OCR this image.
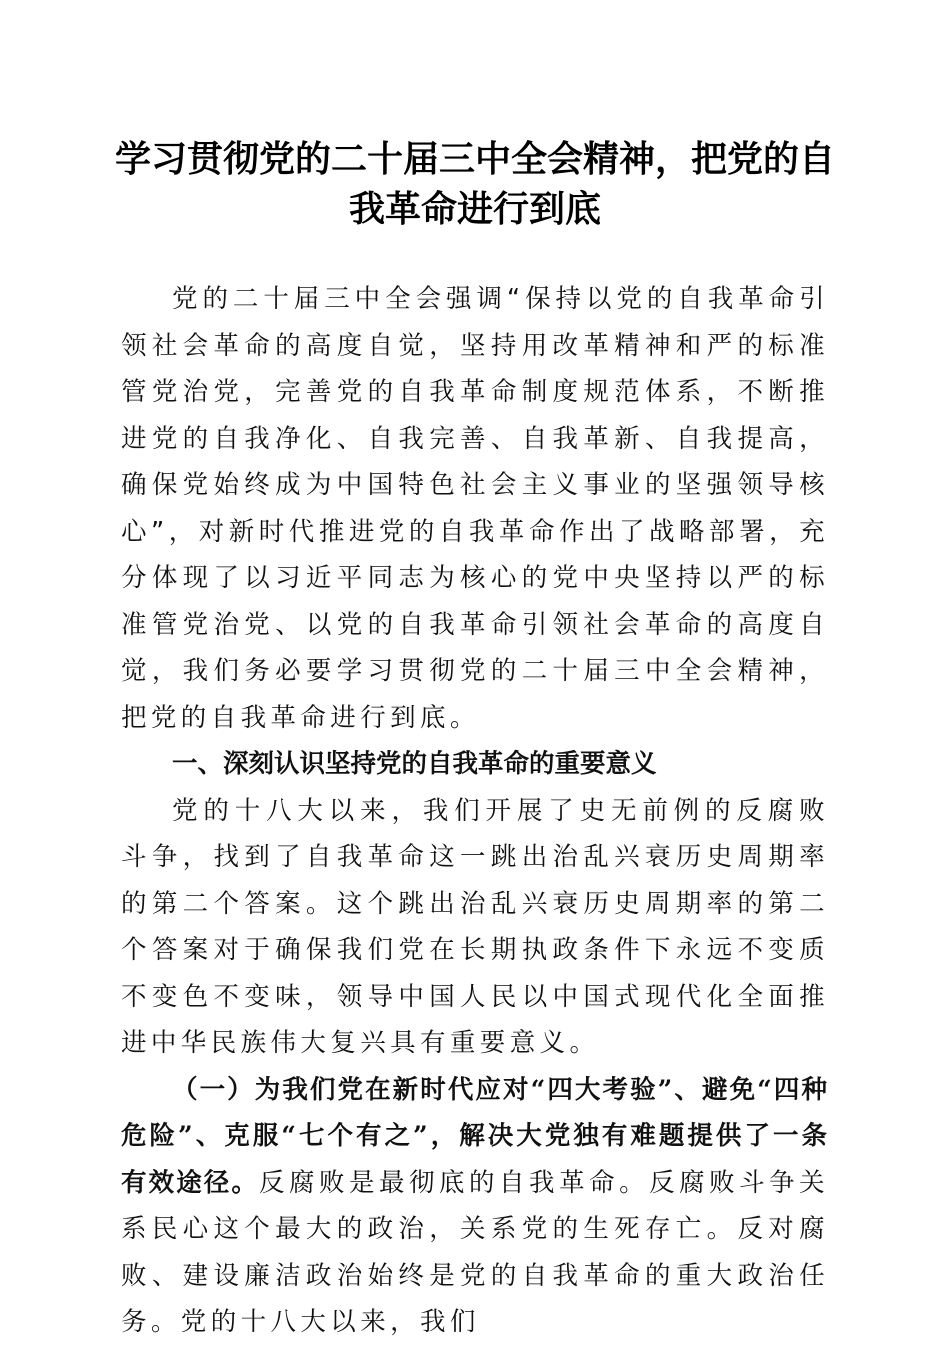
学习贯彻党的二十届三中全会精神，把党的自
我革命进行到底

党的二十届三中全会强调“保持以党的自我革命引领社会革命的高度自觉，坚持用改革精神和严的标准管党治党，完善党的自我革命制度规范体系，不断推进党的自我净化、自我完善、自我革新、自我提高，确保党始终成为中国特色社会主义事业的坚强领导核心”，对新时代推进党的自我革命作出了战略部署，充分体现了以习近平同志为核心的党中央坚持以严的标准管党治党、以党的自我革命引领社会革命的高度自觉，我们务必要学习贯彻党的二十届三中全会精神，把党的自我革命进行到底。

一、深刻认识坚持党的自我革命的重要意义

党的十八大以来，我们开展了史无前例的反腐败斗争，找到了自我革命这一跳出治乱兴衰历史周期率的第二个答案。这个跳出治乱兴衰历史周期率的第二个答案对于确保我们党在长期执政条件下永远不变质不变色不变味，领导中国人民以中国式现代化全面推进中华民族伟大复兴具有重要意义。

（一）为我们党在新时代应对“四大考验”、避免“四种危险”、克服“七个有之”，解决大党独有难题提供了一条有效途径。反腐败是最彻底的自我革命。反腐败斗争关系民心这个最大的政治，关系党的生死存亡。反对腐败、建设廉洁政治始终是党的自我革命的重大政治任务。党的十八大以来，我们
